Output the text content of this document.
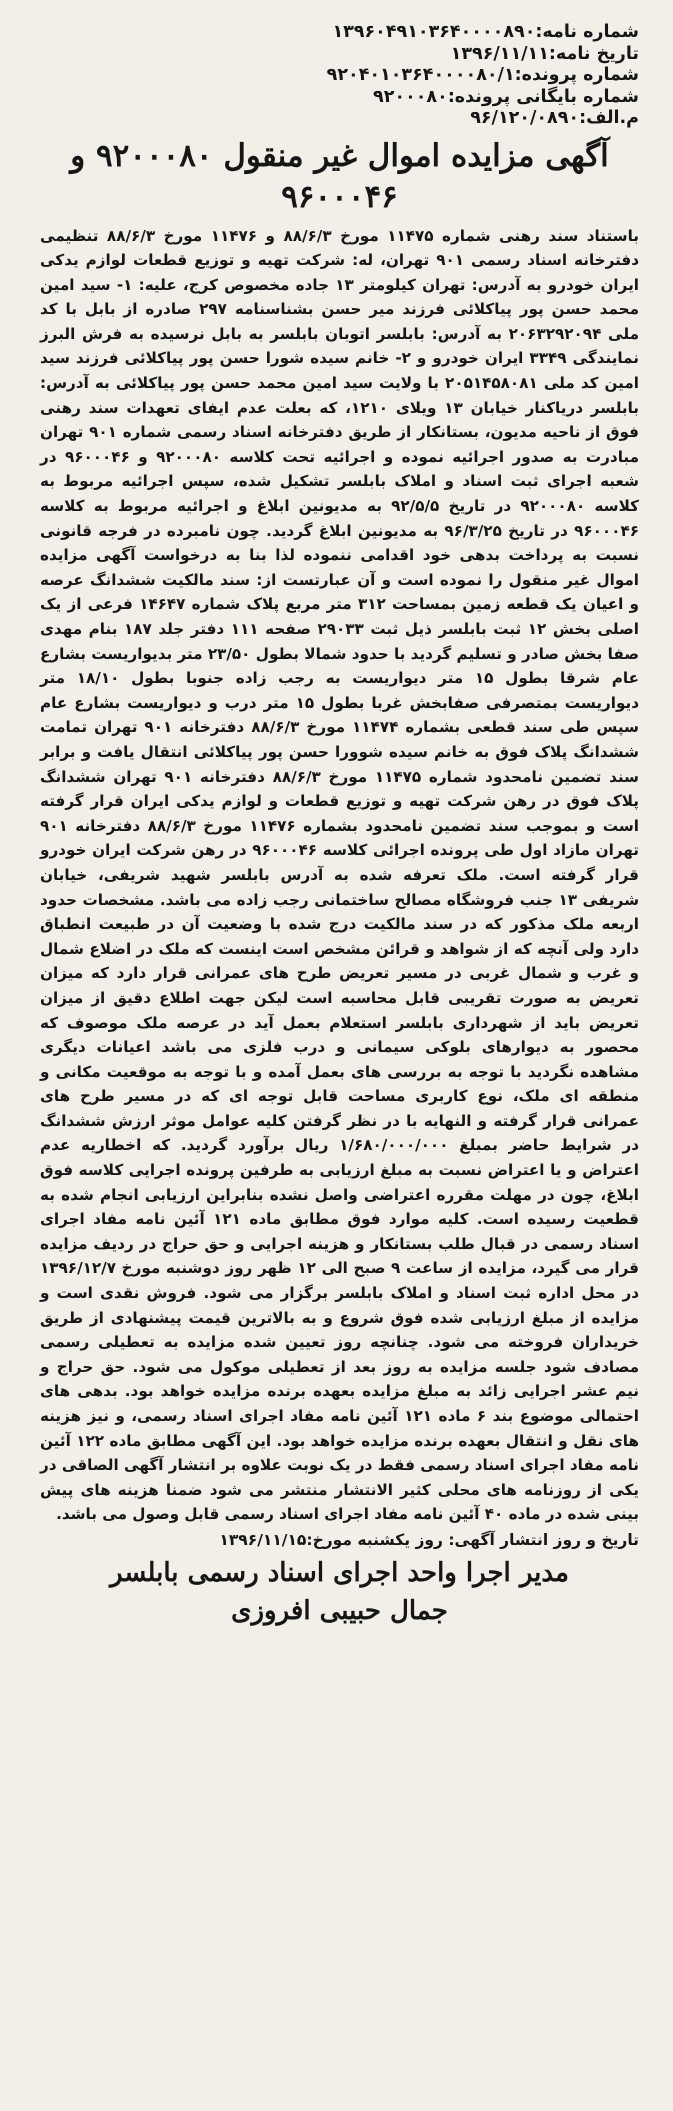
شماره نامه:۱۳۹۶۰۴۹۱۰۳۶۴۰۰۰۰۸۹۰
تاریخ نامه:۱۳۹۶/۱۱/۱۱
شماره پرونده:۹۲۰۴۰۱۰۳۶۴۰۰۰۰۸۰/۱
شماره بایگانی پرونده:۹۲۰۰۰۸۰
م.الف:۹۶/۱۲۰/۰۸۹۰
آگهی مزایده اموال غیر منقول ۹۲۰۰۰۸۰ و
۹۶۰۰۰۴۶
باستناد سند رهنی شماره ۱۱۴۷۵ مورخ ۸۸/۶/۳ و ۱۱۴۷۶ مورخ ۸۸/۶/۳ تنظیمی دفترخانه اسناد رسمی ۹۰۱ تهران، له: شرکت تهیه و توزیع قطعات لوازم یدکی ایران خودرو به آدرس: تهران کیلومتر ۱۳ جاده مخصوص کرج، علیه: ۱- سید امین محمد حسن پور پیاکلائی فرزند میر حسن بشناسنامه ۲۹۷ صادره از بابل با کد ملی ۲۰۶۳۲۹۲۰۹۴ به آدرس: بابلسر اتوبان بابلسر به بابل نرسیده به فرش البرز نمایندگی ۳۳۴۹ ایران خودرو و ۲- خانم سیده شورا حسن پور پیاکلائی فرزند سید امین کد ملی ۲۰۵۱۴۵۸۰۸۱ با ولایت سید امین محمد حسن پور پیاکلائی به آدرس: بابلسر دریاکنار خیابان ۱۳ ویلای ۱۲۱۰، که بعلت عدم ایفای تعهدات سند رهنی فوق از ناحیه مدیون، بستانکار از طریق دفترخانه اسناد رسمی شماره ۹۰۱ تهران مبادرت به صدور اجرائیه نموده و اجرائیه تحت کلاسه ۹۲۰۰۰۸۰ و ۹۶۰۰۰۴۶ در شعبه اجرای ثبت اسناد و املاک بابلسر تشکیل شده، سپس اجرائیه مربوط به کلاسه ۹۲۰۰۰۸۰ در تاریخ ۹۲/۵/۵ به مدیونین ابلاغ و اجرائیه مربوط به کلاسه ۹۶۰۰۰۴۶ در تاریخ ۹۶/۳/۲۵ به مدیونین ابلاغ گردید. چون نامبرده در فرجه قانونی نسبت به پرداخت بدهی خود اقدامی ننموده لذا بنا به درخواست آگهی مزایده اموال غیر منقول را نموده است و آن عبارتست از: سند مالکیت ششدانگ عرصه و اعیان یک قطعه زمین بمساحت ۳۱۲ متر مربع پلاک شماره ۱۴۶۴۷ فرعی از یک اصلی بخش ۱۲ ثبت بابلسر ذیل ثبت ۲۹۰۳۳ صفحه ۱۱۱ دفتر جلد ۱۸۷ بنام مهدی صفا بخش صادر و تسلیم گردید با حدود شمالا بطول ۲۳/۵۰ متر بدیواریست بشارع عام شرقا بطول ۱۵ متر دیواریست به رجب زاده جنوبا بطول ۱۸/۱۰ متر دیواریست بمتصرفی صفابخش غربا بطول ۱۵ متر درب و دیواریست بشارع عام سپس طی سند قطعی بشماره ۱۱۴۷۴ مورخ ۸۸/۶/۳ دفترخانه ۹۰۱ تهران تمامت ششدانگ پلاک فوق به خانم سیده شوورا حسن پور پیاکلائی انتقال یافت و برابر سند تضمین نامحدود شماره ۱۱۴۷۵ مورخ ۸۸/۶/۳ دفترخانه ۹۰۱ تهران ششدانگ پلاک فوق در رهن شرکت تهیه و توزیع قطعات و لوازم یدکی ایران قرار گرفته است و بموجب سند تضمین نامحدود بشماره ۱۱۴۷۶ مورخ ۸۸/۶/۳ دفترخانه ۹۰۱ تهران مازاد اول طی پرونده اجرائی کلاسه ۹۶۰۰۰۴۶ در رهن شرکت ایران خودرو قرار گرفته است. ملک تعرفه شده به آدرس بابلسر شهید شریفی، خیابان شریفی ۱۳ جنب فروشگاه مصالح ساختمانی رجب زاده می باشد. مشخصات حدود اربعه ملک مذکور که در سند مالکیت درج شده با وضعیت آن در طبیعت انطباق دارد ولی آنچه که از شواهد و قرائن مشخص است اینست که ملک در اضلاع شمال و غرب و شمال غربی در مسیر تعریض طرح های عمرانی قرار دارد که میزان تعریض به صورت تقریبی قابل محاسبه است لیکن جهت اطلاع دقیق از میزان تعریض باید از شهرداری بابلسر استعلام بعمل آید در عرصه ملک موصوف که محصور به دیوارهای بلوکی سیمانی و درب فلزی می باشد اعیانات دیگری مشاهده نگردید با توجه به بررسی های بعمل آمده و با توجه به موقعیت مکانی و منطقه ای ملک، نوع کاربری مساحت قابل توجه ای که در مسیر طرح های عمرانی قرار گرفته و النهایه با در نظر گرفتن کلیه عوامل موثر ارزش ششدانگ در شرایط حاضر بمبلغ ۱/۶۸۰/۰۰۰/۰۰۰ ریال برآورد گردید. که اخطاریه عدم اعتراض و یا اعتراض نسبت به مبلغ ارزیابی به طرفین پرونده اجرایی کلاسه فوق ابلاغ، چون در مهلت مقرره اعتراضی واصل نشده بنابراین ارزیابی انجام شده به قطعیت رسیده است. کلیه موارد فوق مطابق ماده ۱۲۱ آئین نامه مفاد اجرای اسناد رسمی در قبال طلب بستانکار و هزینه اجرایی و حق حراج در ردیف مزایده قرار می گیرد، مزایده از ساعت ۹ صبح الی ۱۲ ظهر روز دوشنبه مورخ ۱۳۹۶/۱۲/۷ در محل اداره ثبت اسناد و املاک بابلسر برگزار می شود. فروش نقدی است و مزایده از مبلغ ارزیابی شده فوق شروع و به بالاترین قیمت پیشنهادی از طریق خریداران فروخته می شود. چنانچه روز تعیین شده مزایده به تعطیلی رسمی مصادف شود جلسه مزایده به روز بعد از تعطیلی موکول می شود. حق حراج و نیم عشر اجرایی زائد به مبلغ مزایده بعهده برنده مزایده خواهد بود. بدهی های احتمالی موضوع بند ۶ ماده ۱۲۱ آئین نامه مفاد اجرای اسناد رسمی، و نیز هزینه های نقل و انتقال بعهده برنده مزایده خواهد بود. این آگهی مطابق ماده ۱۲۲ آئین نامه مفاد اجرای اسناد رسمی فقط در یک نوبت علاوه بر انتشار آگهی الصاقی در یکی از روزنامه های محلی کثیر الانتشار منتشر می شود ضمنا هزینه های پیش بینی شده در ماده ۴۰ آئین نامه مفاد اجرای اسناد رسمی قابل وصول می باشد.
تاریخ و روز انتشار آگهی: روز یکشنبه مورخ:۱۳۹۶/۱۱/۱۵
مدیر اجرا واحد اجرای اسناد رسمی بابلسر
جمال حبیبی افروزی
